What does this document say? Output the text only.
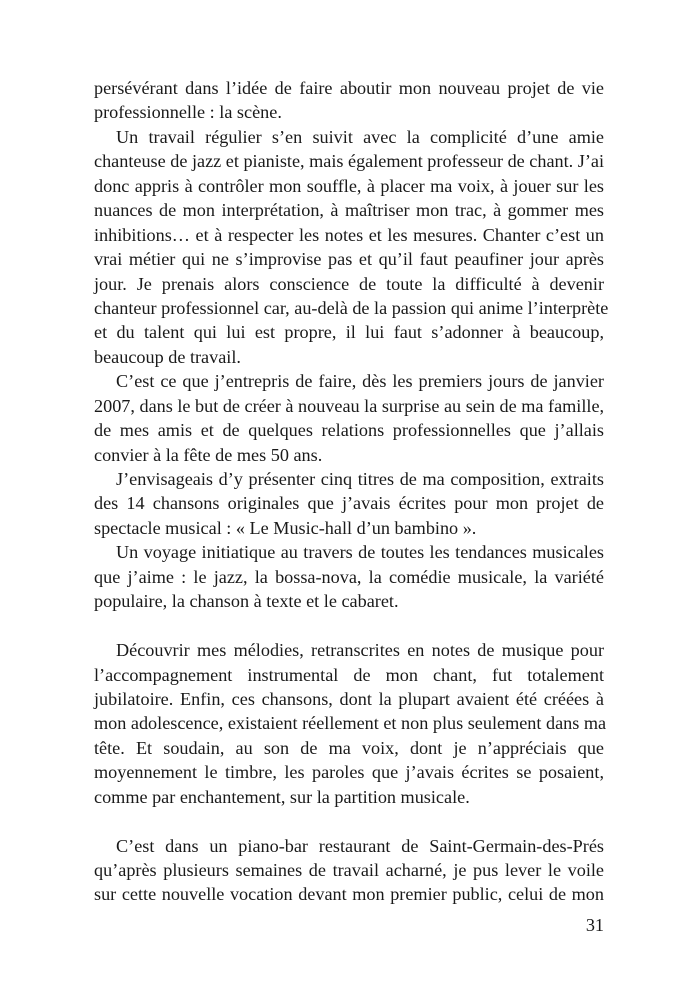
persévérant dans l’idée de faire aboutir mon nouveau projet de vie
professionnelle : la scène.
Un travail régulier s’en suivit avec la complicité d’une amie
chanteuse de jazz et pianiste, mais également professeur de chant. J’ai
donc appris à contrôler mon souffle, à placer ma voix, à jouer sur les
nuances de mon interprétation, à maîtriser mon trac, à gommer mes
inhibitions… et à respecter les notes et les mesures. Chanter c’est un
vrai métier qui ne s’improvise pas et qu’il faut peaufiner jour après
jour. Je prenais alors conscience de toute la difficulté à devenir
chanteur professionnel car, au-delà de la passion qui anime l’interprète
et du talent qui lui est propre, il lui faut s’adonner à beaucoup,
beaucoup de travail.
C’est ce que j’entrepris de faire, dès les premiers jours de janvier
2007, dans le but de créer à nouveau la surprise au sein de ma famille,
de mes amis et de quelques relations professionnelles que j’allais
convier à la fête de mes 50 ans.
J’envisageais d’y présenter cinq titres de ma composition, extraits
des 14 chansons originales que j’avais écrites pour mon projet de
spectacle musical : « Le Music-hall d’un bambino ».
Un voyage initiatique au travers de toutes les tendances musicales
que j’aime : le jazz, la bossa-nova, la comédie musicale, la variété
populaire, la chanson à texte et le cabaret.
Découvrir mes mélodies, retranscrites en notes de musique pour
l’accompagnement instrumental de mon chant, fut totalement
jubilatoire. Enfin, ces chansons, dont la plupart avaient été créées à
mon adolescence, existaient réellement et non plus seulement dans ma
tête. Et soudain, au son de ma voix, dont je n’appréciais que
moyennement le timbre, les paroles que j’avais écrites se posaient,
comme par enchantement, sur la partition musicale.
C’est dans un piano-bar restaurant de Saint-Germain-des-Prés
qu’après plusieurs semaines de travail acharné, je pus lever le voile
sur cette nouvelle vocation devant mon premier public, celui de mon
31
